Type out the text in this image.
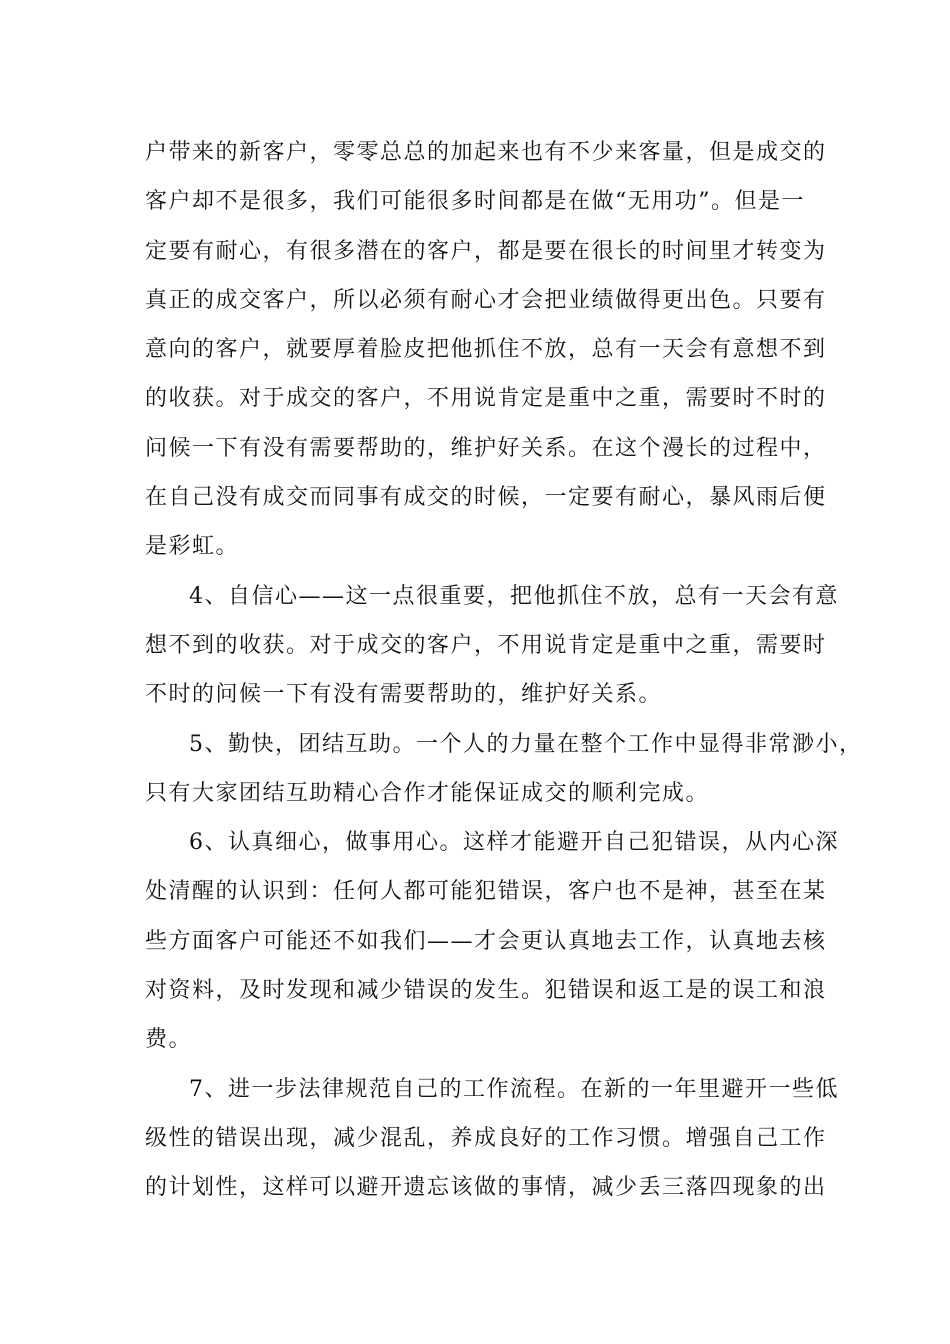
户带来的新客户，零零总总的加起来也有不少来客量，但是成交的
客户却不是很多，我们可能很多时间都是在做“无用功”。但是一
定要有耐心，有很多潜在的客户，都是要在很长的时间里才转变为
真正的成交客户，所以必须有耐心才会把业绩做得更出色。只要有
意向的客户，就要厚着脸皮把他抓住不放，总有一天会有意想不到
的收获。对于成交的客户，不用说肯定是重中之重，需要时不时的
问候一下有没有需要帮助的，维护好关系。在这个漫长的过程中，
在自己没有成交而同事有成交的时候，一定要有耐心，暴风雨后便
是彩虹。
4、自信心——这一点很重要，把他抓住不放，总有一天会有意
想不到的收获。对于成交的客户，不用说肯定是重中之重，需要时
不时的问候一下有没有需要帮助的，维护好关系。
5、勤快，团结互助。一个人的力量在整个工作中显得非常渺小，
只有大家团结互助精心合作才能保证成交的顺利完成。
6、认真细心，做事用心。这样才能避开自己犯错误，从内心深
处清醒的认识到：任何人都可能犯错误，客户也不是神，甚至在某
些方面客户可能还不如我们——才会更认真地去工作，认真地去核
对资料，及时发现和减少错误的发生。犯错误和返工是的误工和浪
费。
7、进一步法律规范自己的工作流程。在新的一年里避开一些低
级性的错误出现，减少混乱，养成良好的工作习惯。增强自己工作
的计划性，这样可以避开遗忘该做的事情，减少丢三落四现象的出
